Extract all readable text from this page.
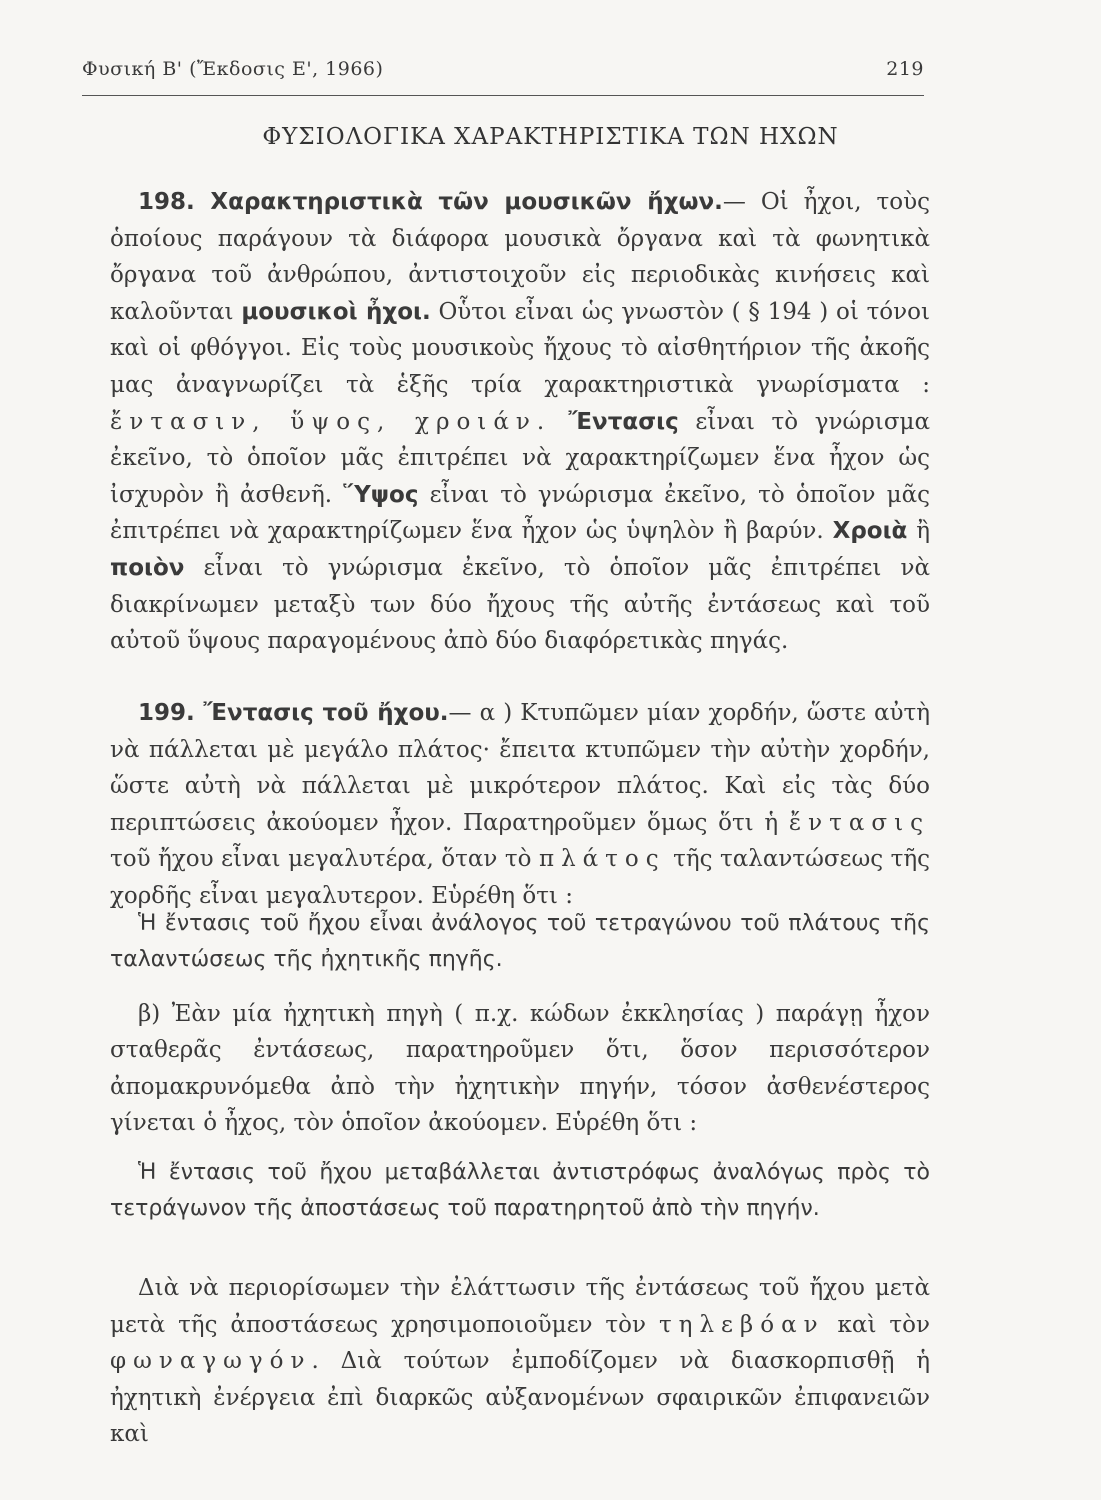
Φυσική Β' (Ἔκδοσις Ε', 1966)	219
ΦΥΣΙΟΛΟΓΙΚΑ ΧΑΡΑΚΤΗΡΙΣΤΙΚΑ ΤΩΝ ΗΧΩΝ

198. Χαρακτηριστικὰ τῶν μουσικῶν ἤχων.— Οἱ ἦχοι, τοὺς ὁποίους παράγουν τὰ διάφορα μουσικὰ ὄργανα καὶ τὰ φωνητικὰ ὄργανα τοῦ ἀνθρώπου, ἀντιστοιχοῦν εἰς περιοδικὰς κινήσεις καὶ καλοῦνται μουσικοὶ ἦχοι. Οὗτοι εἶναι ὡς γνωστὸν ( § 194 ) οἱ τόνοι καὶ οἱ φθόγγοι. Εἰς τοὺς μουσικοὺς ἤχους τὸ αἰσθητήριον τῆς ἀκοῆς μας ἀναγνωρίζει τὰ ἑξῆς τρία χαρακτηριστικὰ γνωρίσματα : ἔντασιν, ὕψος, χροιάν. Ἔντασις εἶναι τὸ γνώρισμα ἐκεῖνο, τὸ ὁποῖον μᾶς ἐπιτρέπει νὰ χαρακτηρίζωμεν ἕνα ἦχον ὡς ἰσχυρὸν ἢ ἀσθενῆ. Ὕψος εἶναι τὸ γνώρισμα ἐκεῖνο, τὸ ὁποῖον μᾶς ἐπιτρέπει νὰ χαρακτηρίζωμεν ἕνα ἦχον ὡς ὑψηλὸν ἢ βαρύν. Χροιὰ ἢ ποιὸν εἶναι τὸ γνώρισμα ἐκεῖνο, τὸ ὁποῖον μᾶς ἐπιτρέπει νὰ διακρίνωμεν μεταξὺ των δύο ἤχους τῆς αὐτῆς ἐντάσεως καὶ τοῦ αὐτοῦ ὕψους παραγομένους ἀπὸ δύο διαφόρετικὰς πηγάς.

199. Ἔντασις τοῦ ἤχου.— α ) Κτυπῶμεν μίαν χορδήν, ὥστε αὐτὴ νὰ πάλλεται μὲ μεγάλο πλάτος· ἔπειτα κτυπῶμεν τὴν αὐτὴν χορδήν, ὥστε αὐτὴ νὰ πάλλεται μὲ μικρότερον πλάτος. Καὶ εἰς τὰς δύο περιπτώσεις ἀκούομεν ἦχον. Παρατηροῦμεν ὅμως ὅτι ἡ ἔντασις τοῦ ἤχου εἶναι μεγαλυτέρα, ὅταν τὸ πλάτος τῆς ταλαντώσεως τῆς χορδῆς εἶναι μεγαλυτερον. Εὑρέθη ὅτι :

Ἡ ἔντασις τοῦ ἤχου εἶναι ἀνάλογος τοῦ τετραγώνου τοῦ πλάτους τῆς ταλαντώσεως τῆς ἠχητικῆς πηγῆς.
β) Ἐὰν μία ἠχητικὴ πηγὴ ( π.χ. κώδων ἐκκλησίας ) παράγῃ ἦχον σταθερᾶς ἐντάσεως, παρατηροῦμεν ὅτι, ὅσον περισσότερον ἀπομακρυνόμεθα ἀπὸ τὴν ἠχητικὴν πηγήν, τόσον ἀσθενέστερος γίνεται ὁ ἦχος, τὸν ὁποῖον ἀκούομεν. Εὑρέθη ὅτι :
Ἡ ἔντασις τοῦ ἤχου μεταβάλλεται ἀντιστρόφως ἀναλόγως πρὸς τὸ τετράγωνον τῆς ἀποστάσεως τοῦ παρατηρητοῦ ἀπὸ τὴν πηγήν.

Διὰ νὰ περιορίσωμεν τὴν ἐλάττωσιν τῆς ἐντάσεως τοῦ ἤχου μετὰ μετὰ τῆς ἀποστάσεως χρησιμοποιοῦμεν τὸν τηλεβόαν καὶ τὸν φωναγωγόν. Διὰ τούτων ἐμποδίζομεν νὰ διασκορπισθῇ ἡ ἠχητικὴ ἐνέργεια ἐπὶ διαρκῶς αὐξανομένων σφαιρικῶν ἐπιφανειῶν καὶ
